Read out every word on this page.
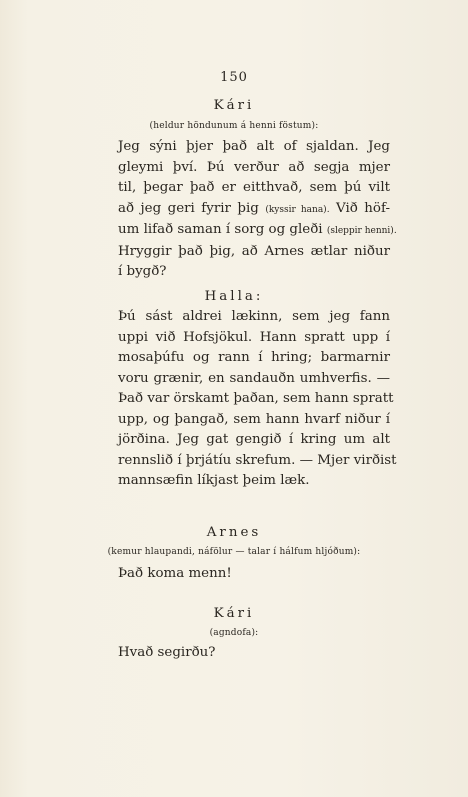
150
Kári
(heldur höndunum á henni föstum):
Jeg sýni þjer það alt of sjaldan. Jeg
gleymi því. Þú verður að segja mjer
til, þegar það er eitthvað, sem þú vilt
að jeg geri fyrir þig (kyssir hana). Við höf-
um lifað saman í sorg og gleði (sleppir henni).
Hryggir það þig, að Arnes ætlar niður
í bygð?
Halla:
Þú sást aldrei lækinn, sem jeg fann
uppi við Hofsjökul. Hann spratt upp í
mosaþúfu og rann í hring; barmarnir
voru grænir, en sandauðn umhverfis. —
Það var örskamt þaðan, sem hann spratt
upp, og þangað, sem hann hvarf niður í
jörðina. Jeg gat gengið í kring um alt
rennslið í þrjátíu skrefum. — Mjer virðist
mannsæfin líkjast þeim læk.
Arnes
(kemur hlaupandi, náfölur — talar í hálfum hljóðum):
Það koma menn!
Kári
(agndofa):
Hvað segirðu?
